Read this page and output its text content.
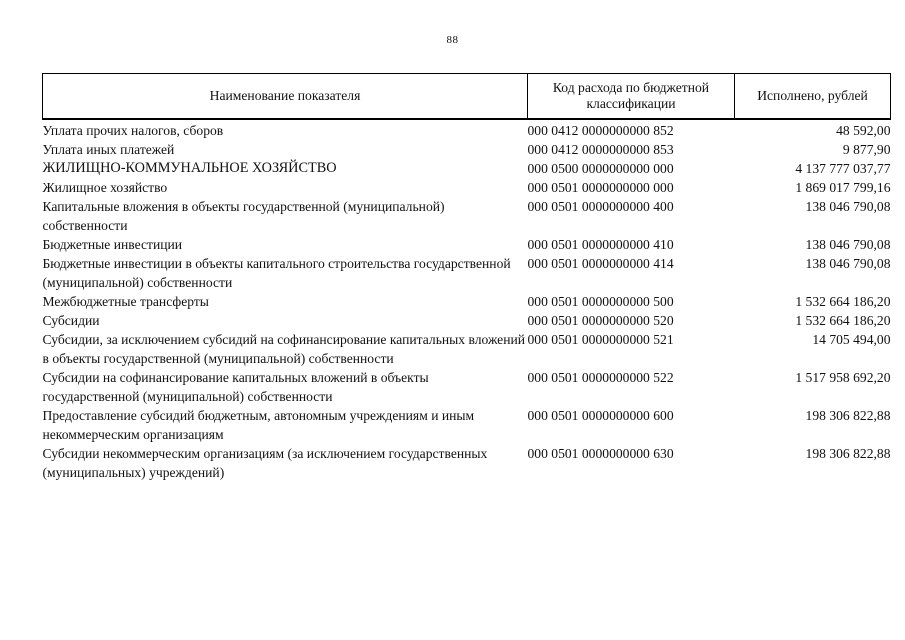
88
Наименование показателя	Код расхода по бюджетной классификации	Исполнено, рублей
Уплата прочих налогов, сборов	000 0412 0000000000 852	48 592,00
Уплата иных платежей	000 0412 0000000000 853	9 877,90
ЖИЛИЩНО-КОММУНАЛЬНОЕ ХОЗЯЙСТВО	000 0500 0000000000 000	4 137 777 037,77
Жилищное хозяйство	000 0501 0000000000 000	1 869 017 799,16
Капитальные вложения в объекты государственной (муниципальной) собственности	000 0501 0000000000 400	138 046 790,08
Бюджетные инвестиции	000 0501 0000000000 410	138 046 790,08
Бюджетные инвестиции в объекты капитального строительства государственной (муниципальной) собственности	000 0501 0000000000 414	138 046 790,08
Межбюджетные трансферты	000 0501 0000000000 500	1 532 664 186,20
Субсидии	000 0501 0000000000 520	1 532 664 186,20
Субсидии, за исключением субсидий на софинансирование капитальных вложений в объекты государственной (муниципальной) собственности	000 0501 0000000000 521	14 705 494,00
Субсидии на софинансирование капитальных вложений в объекты государственной (муниципальной) собственности	000 0501 0000000000 522	1 517 958 692,20
Предоставление субсидий бюджетным, автономным учреждениям и иным некоммерческим организациям	000 0501 0000000000 600	198 306 822,88
Субсидии некоммерческим организациям (за исключением государственных (муниципальных) учреждений)	000 0501 0000000000 630	198 306 822,88
